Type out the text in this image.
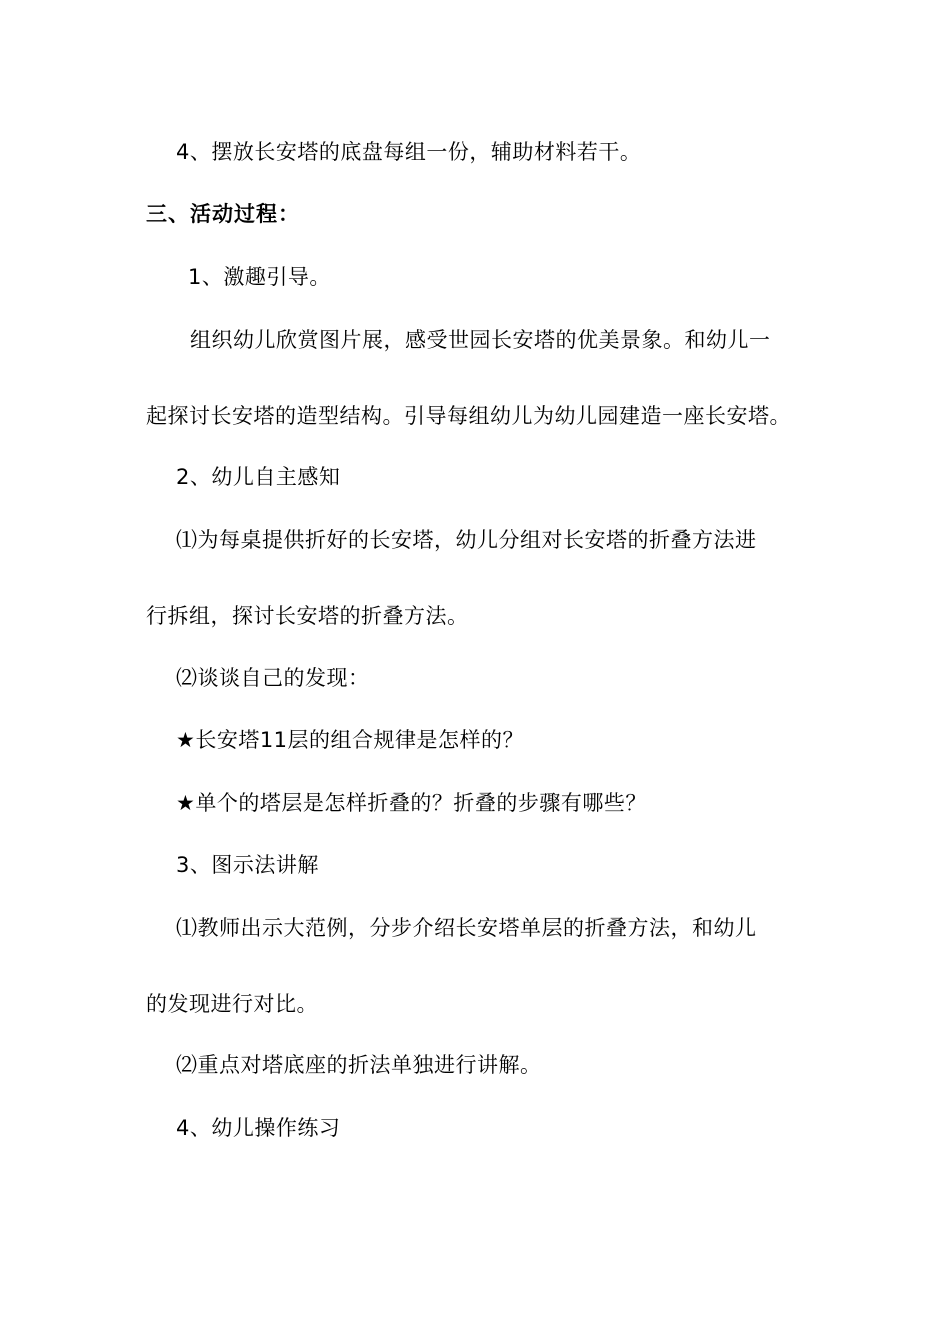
4、摆放长安塔的底盘每组一份，辅助材料若干。
三、活动过程：
1、激趣引导。
组织幼儿欣赏图片展，感受世园长安塔的优美景象。和幼儿一
起探讨长安塔的造型结构。引导每组幼儿为幼儿园建造一座长安塔。
2、幼儿自主感知
⑴为每桌提供折好的长安塔，幼儿分组对长安塔的折叠方法进
行拆组，探讨长安塔的折叠方法。
⑵谈谈自己的发现：
★长安塔11层的组合规律是怎样的？
★单个的塔层是怎样折叠的？折叠的步骤有哪些？
3、图示法讲解
⑴教师出示大范例，分步介绍长安塔单层的折叠方法，和幼儿
的发现进行对比。
⑵重点对塔底座的折法单独进行讲解。
4、幼儿操作练习
